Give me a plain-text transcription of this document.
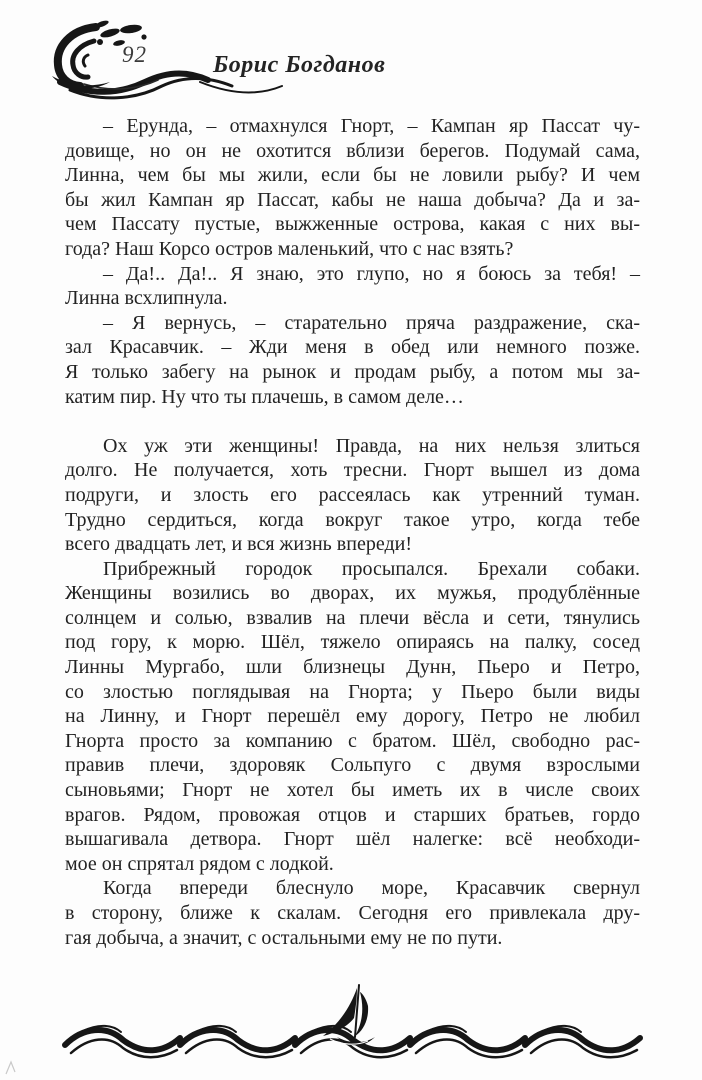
92	Борис Богданов
– Ерунда, – отмахнулся Гнорт, – Кампан яр Пассат чу-
довище, но он не охотится вблизи берегов. Подумай сама,
Линна, чем бы мы жили, если бы не ловили рыбу? И чем
бы жил Кампан яр Пассат, кабы не наша добыча? Да и за-
чем Пассату пустые, выжженные острова, какая с них вы-
года? Наш Корсо остров маленький, что с нас взять?
– Да!.. Да!.. Я знаю, это глупо, но я боюсь за тебя! –
Линна всхлипнула.
– Я вернусь, – старательно пряча раздражение, ска-
зал Красавчик. – Жди меня в обед или немного позже.
Я только забегу на рынок и продам рыбу, а потом мы за-
катим пир. Ну что ты плачешь, в самом деле…
Ох уж эти женщины! Правда, на них нельзя злиться
долго. Не получается, хоть тресни. Гнорт вышел из дома
подруги, и злость его рассеялась как утренний туман.
Трудно сердиться, когда вокруг такое утро, когда тебе
всего двадцать лет, и вся жизнь впереди!
Прибрежный городок просыпался. Брехали собаки.
Женщины возились во дворах, их мужья, продублённые
солнцем и солью, взвалив на плечи вёсла и сети, тянулись
под гору, к морю. Шёл, тяжело опираясь на палку, сосед
Линны Мургабо, шли близнецы Дунн, Пьеро и Петро,
со злостью поглядывая на Гнорта; у Пьеро были виды
на Линну, и Гнорт перешёл ему дорогу, Петро не любил
Гнорта просто за компанию с братом. Шёл, свободно рас-
правив плечи, здоровяк Сольпуго с двумя взрослыми
сыновьями; Гнорт не хотел бы иметь их в числе своих
врагов. Рядом, провожая отцов и старших братьев, гордо
вышагивала детвора. Гнорт шёл налегке: всё необходи-
мое он спрятал рядом с лодкой.
Когда впереди блеснуло море, Красавчик свернул
в сторону, ближе к скалам. Сегодня его привлекала дру-
гая добыча, а значит, с остальными ему не по пути.
